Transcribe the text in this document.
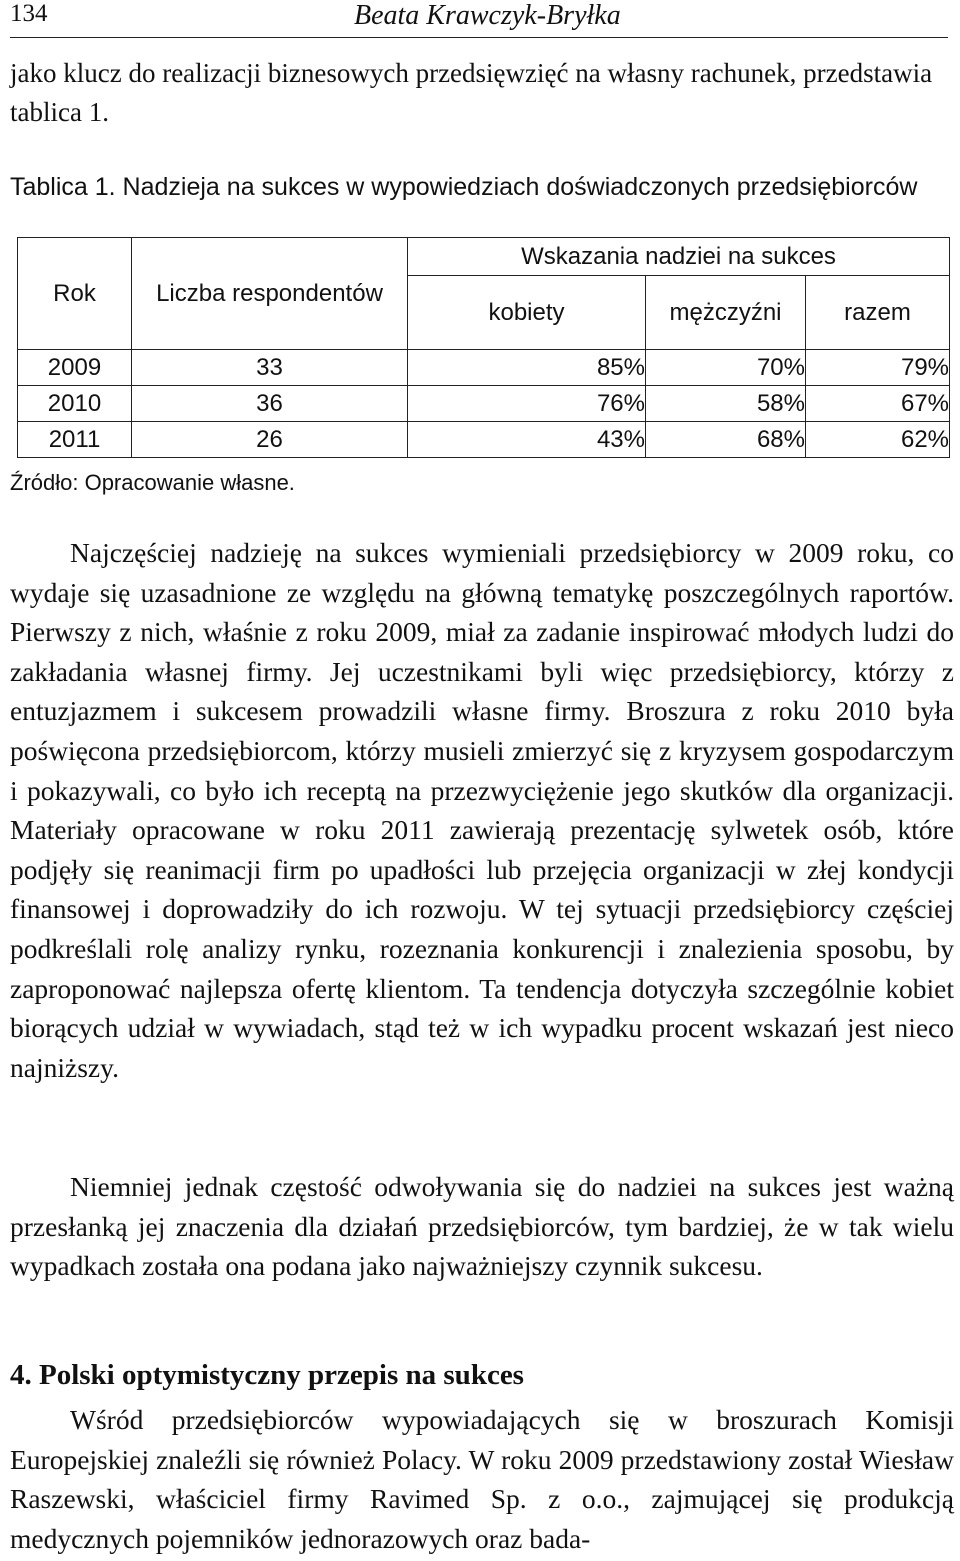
134	Beata Krawczyk-Bryłka

jako klucz do realizacji biznesowych przedsięwzięć na własny rachunek, przedstawia tablica 1.

Tablica 1. Nadzieja na sukces w wypowiedziach doświadczonych przedsiębiorców

Rok	Liczba respondentów	Wskazania nadziei na sukces		
		kobiety	mężczyźni	razem
2009	33	85%	70%	79%
2010	36	76%	58%	67%
2011	26	43%	68%	62%
Źródło: Opracowanie własne.

Najczęściej nadzieję na sukces wymieniali przedsiębiorcy w 2009 roku, co wydaje się uzasadnione ze względu na główną tematykę poszczególnych raportów. Pierwszy z nich, właśnie z roku 2009, miał za zadanie inspirować młodych ludzi do zakładania własnej firmy. Jej uczestnikami byli więc przedsiębiorcy, którzy z entuzjazmem i sukcesem prowadzili własne firmy. Broszura z roku 2010 była poświęcona przedsiębiorcom, którzy musieli zmierzyć się z kryzysem gospodarczym i pokazywali, co było ich receptą na przezwyciężenie jego skutków dla organizacji. Materiały opracowane w roku 2011 zawierają prezentację sylwetek osób, które podjęły się reanimacji firm po upadłości lub przejęcia organizacji w złej kondycji finansowej i doprowadziły do ich rozwoju. W tej sytuacji przedsiębiorcy częściej podkreślali rolę analizy rynku, rozeznania konkurencji i znalezienia sposobu, by zaproponować najlepsza ofertę klientom. Ta tendencja dotyczyła szczególnie kobiet biorących udział w wywiadach, stąd też w ich wypadku procent wskazań jest nieco najniższy.

Niemniej jednak częstość odwoływania się do nadziei na sukces jest ważną przesłanką jej znaczenia dla działań przedsiębiorców, tym bardziej, że w tak wielu wypadkach została ona podana jako najważniejszy czynnik sukcesu.

4. Polski optymistyczny przepis na sukces

Wśród przedsiębiorców wypowiadających się w broszurach Komisji Europejskiej znaleźli się również Polacy. W roku 2009 przedstawiony został Wiesław Raszewski, właściciel firmy Ravimed Sp. z o.o., zajmującej się produkcją medycznych pojemników jednorazowych oraz bada-
